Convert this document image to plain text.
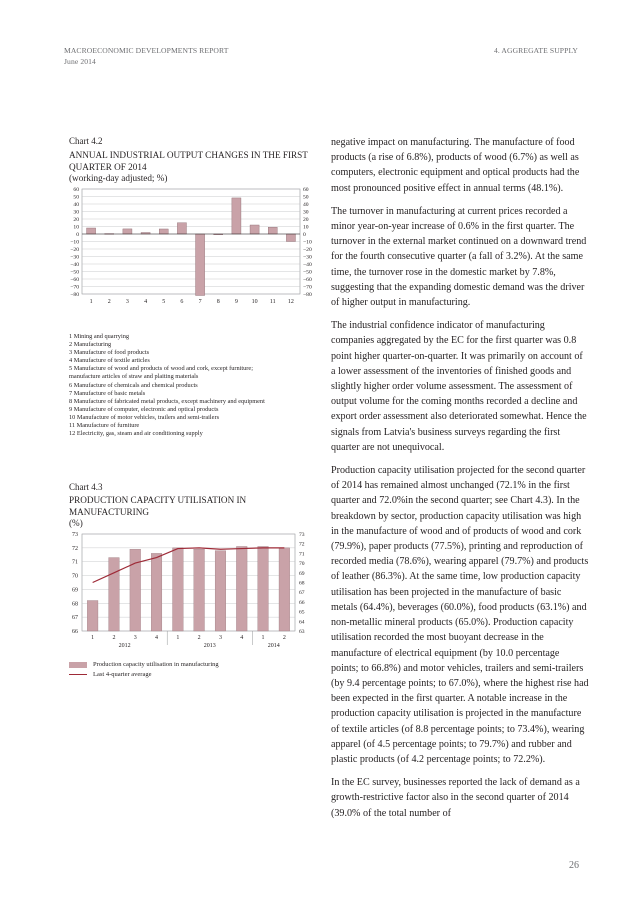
MACROECONOMIC DEVELOPMENTS REPORT
June 2014
4. AGGREGATE SUPPLY
Chart 4.2
ANNUAL INDUSTRIAL OUTPUT CHANGES IN THE FIRST QUARTER OF 2014
(working-day adjusted; %)
60	60
50	50
40	40
30	30
20	20
10	10
0	0
−10	−10
−20	−20
−30	−30
−40	−40
−50	−50
−60	−60
−70	−70
−80	−80
1	2	3	4	5	6	7	8	9 10 11 12
1 Mining and quarrying
2 Manufacturing
3 Manufacture of food products
4 Manufacture of textile articles
5 Manufacture of wood and products of wood and cork, except furniture;
manufacture articles of straw and plaiting materials
6 Manufacture of chemicals and chemical products
7 Manufacture of basic metals
8 Manufacture of fabricated metal products, except machinery and equipment
9 Manufacture of computer, electronic and optical products
10 Manufacture of motor vehicles, trailers and semi-trailers
11 Manufacture of furniture
12 Electricity, gas, steam and air conditioning supply
Chart 4.3
PRODUCTION CAPACITY UTILISATION IN MANUFACTURING
(%)
73
72
71
70
69
68
67
66
73
72
71
70
69
68
67
66
65
64
63
1	2	3	4	1	2	3	4	1	2
2012	2013	2014
Production capacity utilisation in manufacturing
Last 4-quarter average

negative impact on manufacturing. The manufacture of food products (a rise of 6.8%), products of wood (6.7%) as well as computers, electronic equipment and optical products had the most pronounced positive effect in annual terms (48.1%).

The turnover in manufacturing at current prices recorded a minor year-on-year increase of 0.6% in the first quarter. The turnover in the external market continued on a downward trend for the fourth consecutive quarter (a fall of 3.2%). At the same time, the turnover rose in the domestic market by 7.8%, suggesting that the expanding domestic demand was the driver of higher output in manufacturing.

The industrial confidence indicator of manufacturing companies aggregated by the EC for the first quarter was 0.8 point higher quarter-on-quarter. It was primarily on account of a lower assessment of the inventories of finished goods and slightly higher order volume assessment. The assessment of output volume for the coming months recorded a decline and export order assessment also deteriorated somewhat. Hence the signals from Latvia's business surveys regarding the first quarter are not unequivocal.

Production capacity utilisation projected for the second quarter of 2014 has remained almost unchanged (72.1% in the first quarter and 72.0%in the second quarter; see Chart 4.3). In the breakdown by sector, production capacity utilisation was high in the manufacture of wood and of products of wood and cork (79.9%), paper products (77.5%), printing and reproduction of recorded media (78.6%), wearing apparel (79.7%) and products of leather (86.3%). At the same time, low production capacity utilisation has been projected in the manufacture of basic metals (64.4%), beverages (60.0%), food products (63.1%) and non-metallic mineral products (65.0%). Production capacity utilisation recorded the most buoyant decrease in the manufacture of electrical equipment (by 10.0 percentage points; to 66.8%) and motor vehicles, trailers and semi-trailers (by 9.4 percentage points; to 67.0%), where the highest rise had been expected in the first quarter. A notable increase in the production capacity utilisation is projected in the manufacture of textile articles (of 8.8 percentage points; to 73.4%), wearing apparel (of 4.5 percentage points; to 79.7%) and rubber and plastic products (of 4.2 percentage points; to 72.2%).

In the EC survey, businesses reported the lack of demand as a growth-restrictive factor also in the second quarter of 2014 (39.0% of the total number of

26
